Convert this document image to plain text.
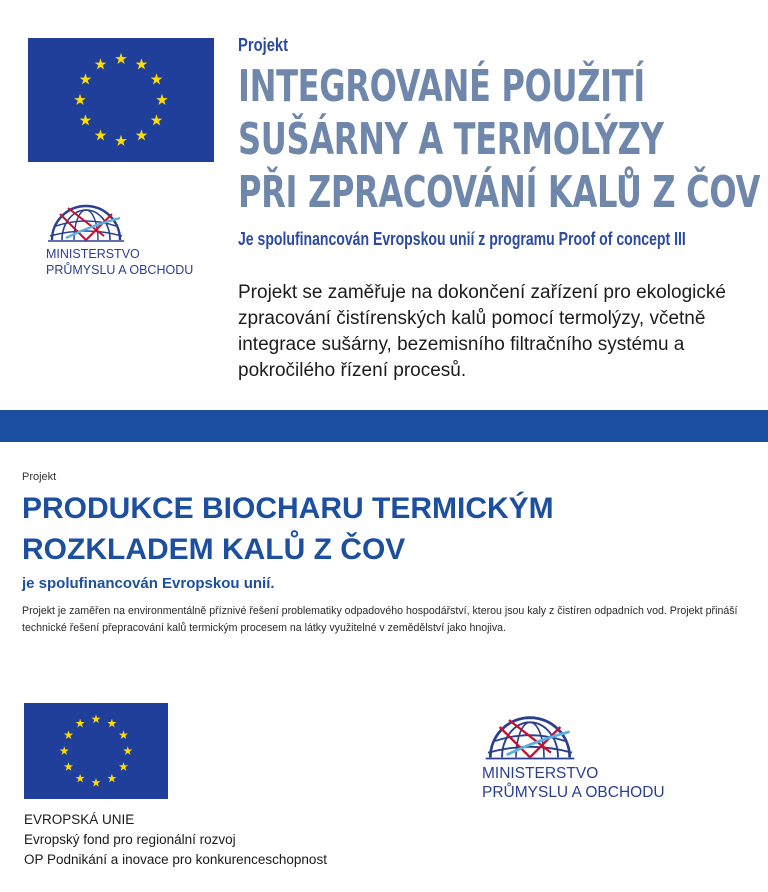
Projekt
INTEGROVANÉ POUŽITÍ
SUŠÁRNY A TERMOLÝZY
PŘI ZPRACOVÁNÍ KALŮ Z ČOV
Je spolufinancován Evropskou unií z programu Proof of concept III

Projekt se zaměřuje na dokončení zařízení pro ekologické zpracování čistírenských kalů pomocí termolýzy, včetně integrace sušárny, bezemisního filtračního systému a pokročilého řízení procesů.

MINISTERSTVO
PRŮMYSLU A OBCHODU
Projekt
PRODUKCE BIOCHARU TERMICKÝM
ROZKLADEM KALŮ Z ČOV
je spolufinancován Evropskou unií.

Projekt je zaměřen na environmentálně příznivé řešení problematiky odpadového hospodářství, kterou jsou kaly z čistíren odpadních vod. Projekt přináší technické řešení přepracování kalů termickým procesem na látky využitelné v zemědělství jako hnojiva.

EVROPSKÁ UNIE
Evropský fond pro regionální rozvoj
OP Podnikání a inovace pro konkurenceschopnost
MINISTERSTVO
PRŮMYSLU A OBCHODU
